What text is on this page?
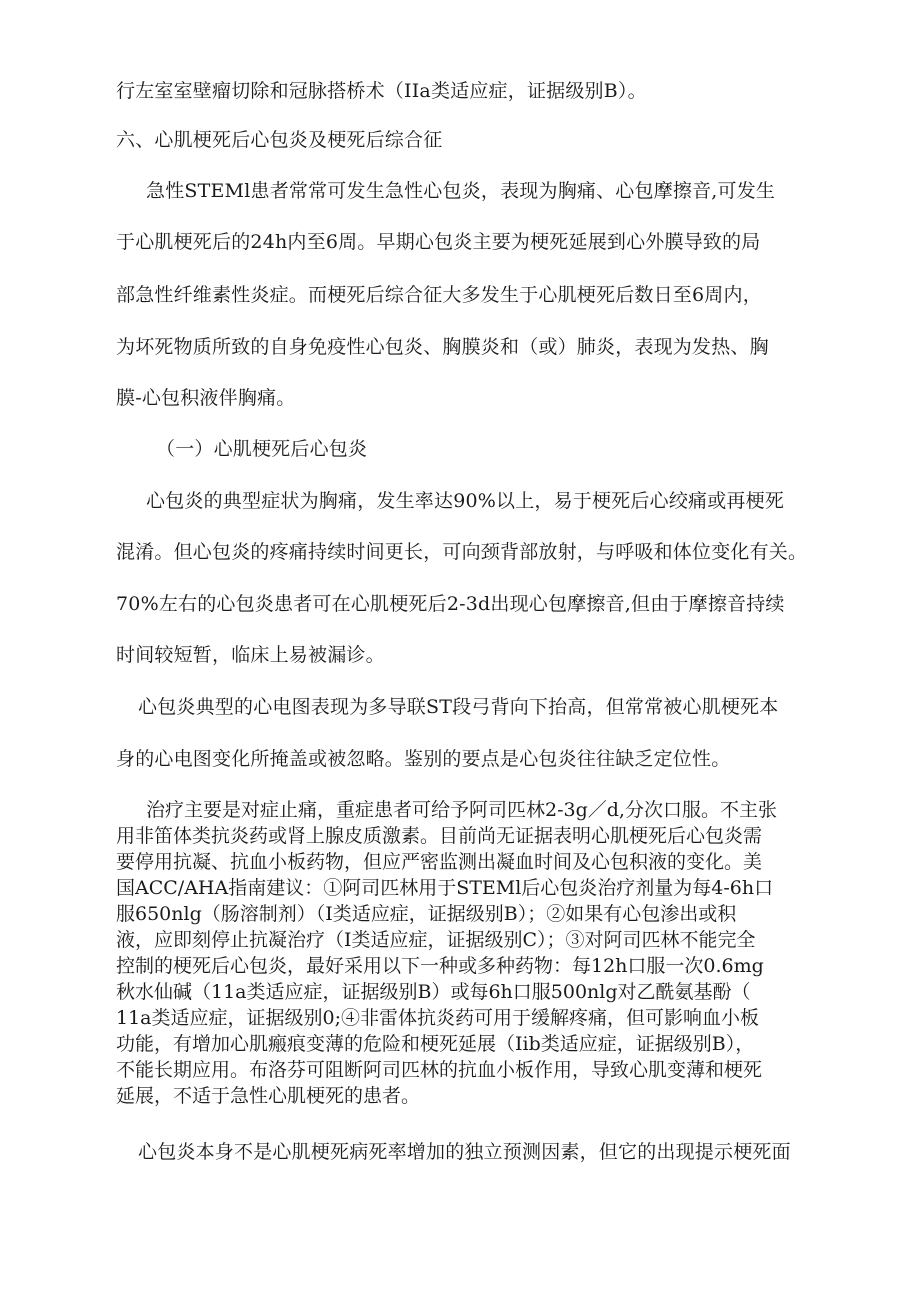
行左室室壁瘤切除和冠脉搭桥术（IIa类适应症，证据级别B）。
六、心肌梗死后心包炎及梗死后综合征
急性STEMl患者常常可发生急性心包炎，表现为胸痛、心包摩擦音,可发生
于心肌梗死后的24h内至6周。早期心包炎主要为梗死延展到心外膜导致的局
部急性纤维素性炎症。而梗死后综合征大多发生于心肌梗死后数日至6周内，
为坏死物质所致的自身免疫性心包炎、胸膜炎和（或）肺炎，表现为发热、胸
膜-心包积液伴胸痛。
（一）心肌梗死后心包炎
心包炎的典型症状为胸痛，发生率达90%以上，易于梗死后心绞痛或再梗死
混淆。但心包炎的疼痛持续时间更长，可向颈背部放射，与呼吸和体位变化有关。
70%左右的心包炎患者可在心肌梗死后2-3d出现心包摩擦音,但由于摩擦音持续
时间较短暂，临床上易被漏诊。
心包炎典型的心电图表现为多导联ST段弓背向下抬高，但常常被心肌梗死本
身的心电图变化所掩盖或被忽略。鉴别的要点是心包炎往往缺乏定位性。
治疗主要是对症止痛，重症患者可给予阿司匹林2-3g／d,分次口服。不主张
用非笛体类抗炎药或肾上腺皮质激素。目前尚无证据表明心肌梗死后心包炎需
要停用抗凝、抗血小板药物，但应严密监测出凝血时间及心包积液的变化。美
国ACC/AHA指南建议：①阿司匹林用于STEMl后心包炎治疗剂量为每4-6h口
服650nlg（肠溶制剂）（I类适应症，证据级别B）；②如果有心包渗出或积
液，应即刻停止抗凝治疗（I类适应症，证据级别C）；③对阿司匹林不能完全
控制的梗死后心包炎，最好采用以下一种或多种药物：每12h口服一次0.6mg
秋水仙碱（11a类适应症，证据级别B）或每6h口服500nlg对乙酰氨基酚（
11a类适应症，证据级别0;④非雷体抗炎药可用于缓解疼痛，但可影响血小板
功能，有增加心肌瘢痕变薄的危险和梗死延展（Iib类适应症，证据级别B），
不能长期应用。布洛芬可阻断阿司匹林的抗血小板作用，导致心肌变薄和梗死
延展，不适于急性心肌梗死的患者。
心包炎本身不是心肌梗死病死率增加的独立预测因素，但它的出现提示梗死面
